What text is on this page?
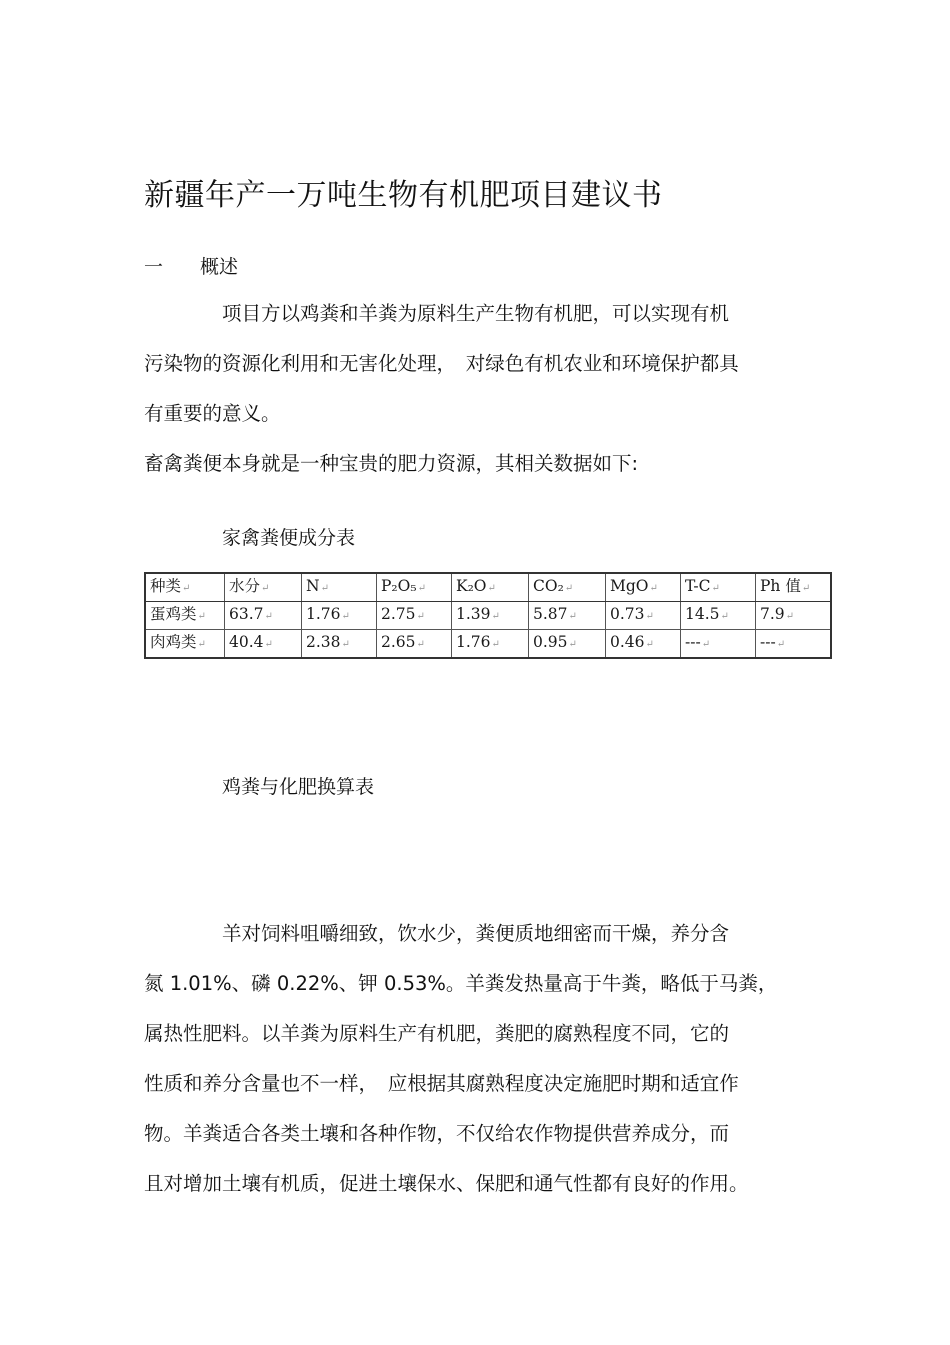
新疆年产一万吨生物有机肥项目建议书
一 概述

项目方以鸡粪和羊粪为原料生产生物有机肥，可以实现有机

污染物的资源化利用和无害化处理，　对绿色有机农业和环境保护都具

有重要的意义。

畜禽粪便本身就是一种宝贵的肥力资源，其相关数据如下:

家禽粪便成分表
种类↵	水分↵	N↵	P₂O₅↵	K₂O↵	CO₂↵	MgO↵	T-C↵	Ph 值↵
蛋鸡类↵	63.7↵	1.76↵	2.75↵	1.39↵	5.87↵	0.73↵	14.5↵	7.9↵
肉鸡类↵	40.4↵	2.38↵	2.65↵	1.76↵	0.95↵	0.46↵	---↵	---↵
鸡粪与化肥换算表

羊对饲料咀嚼细致，饮水少，粪便质地细密而干燥，养分含

氮 1.01%、磷 0.22%、钾 0.53%。羊粪发热量高于牛粪，略低于马粪，

属热性肥料。以羊粪为原料生产有机肥，粪肥的腐熟程度不同，它的

性质和养分含量也不一样，　应根据其腐熟程度决定施肥时期和适宜作

物。羊粪适合各类土壤和各种作物，不仅给农作物提供营养成分，而

且对增加土壤有机质，促进土壤保水、保肥和通气性都有良好的作用。
